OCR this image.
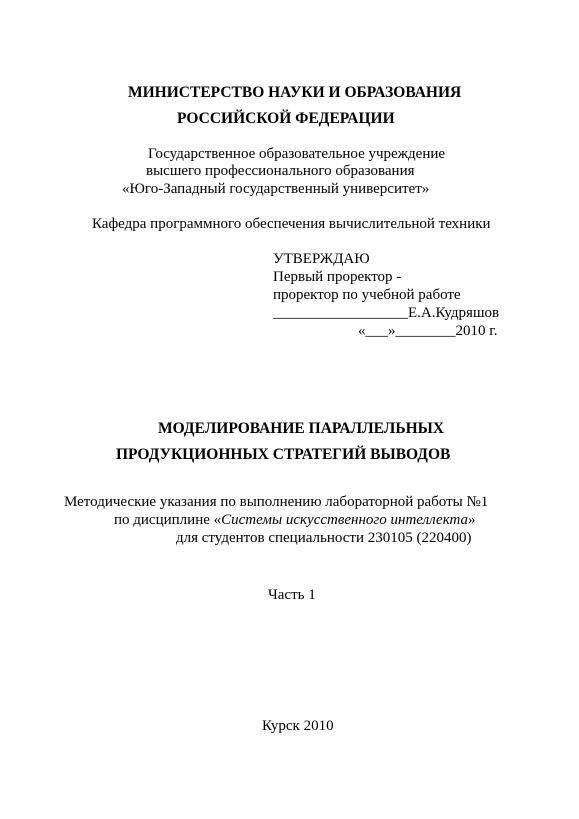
МИНИСТЕРСТВО НАУКИ И ОБРАЗОВАНИЯ
РОССИЙСКОЙ ФЕДЕРАЦИИ
Государственное образовательное учреждение
высшего профессионального образования
«Юго-Западный государственный университет»
Кафедра программного обеспечения вычислительной техники
УТВЕРЖДАЮ
Первый проректор -
проректор по учебной работе
__________________Е.А.Кудряшов
«___»________2010 г.
МОДЕЛИРОВАНИЕ ПАРАЛЛЕЛЬНЫХ
ПРОДУКЦИОННЫХ СТРАТЕГИЙ ВЫВОДОВ
Методические указания по выполнению лабораторной работы №1
по дисциплине «Системы искусственного интеллекта»
для студентов специальности 230105 (220400)
Часть 1
Курск 2010
